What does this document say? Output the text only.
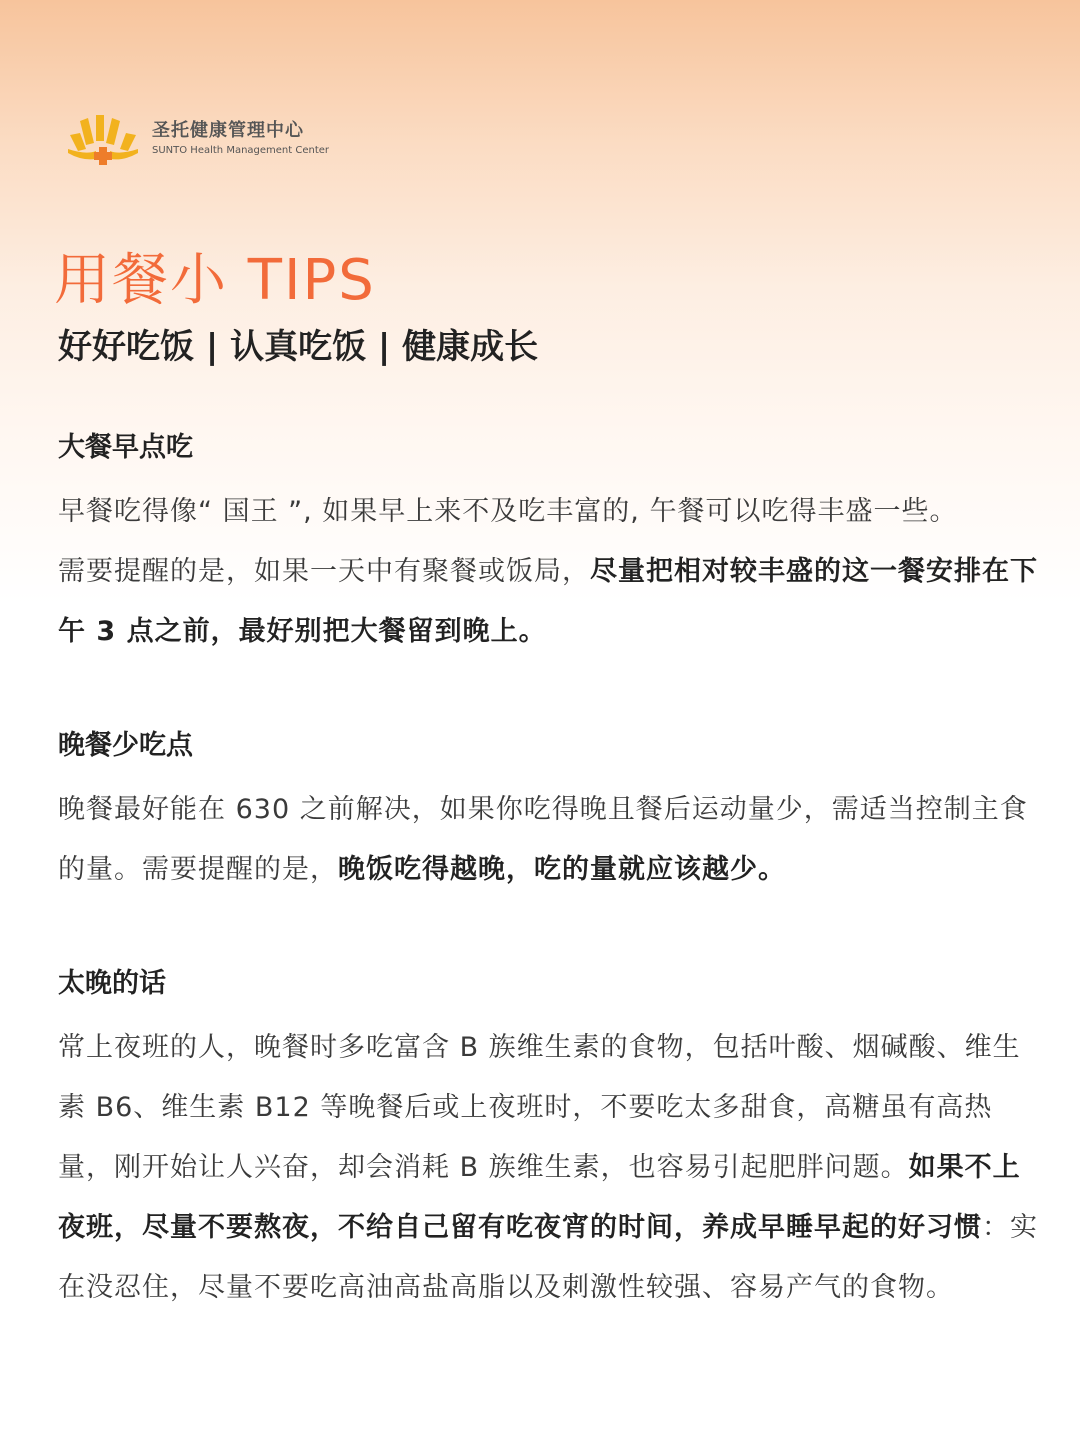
圣托健康管理中心
SUNTO Health Management Center
用餐小 TIPS
好好吃饭 | 认真吃饭 | 健康成长
大餐早点吃

早餐吃得像“ 国王 ”, 如果早上来不及吃丰富的, 午餐可以吃得丰盛一些。
需要提醒的是，如果一天中有聚餐或饭局，尽量把相对较丰盛的这一餐安排在下午 3 点之前，最好别把大餐留到晚上。

晚餐少吃点

晚餐最好能在 630 之前解决，如果你吃得晚且餐后运动量少，需适当控制主食的量。需要提醒的是，晚饭吃得越晚，吃的量就应该越少。

太晚的话

常上夜班的人，晚餐时多吃富含 B 族维生素的食物，包括叶酸、烟碱酸、维生素 B6、维生素 B12 等晚餐后或上夜班时，不要吃太多甜食，高糖虽有高热量，刚开始让人兴奋，却会消耗 B 族维生素，也容易引起肥胖问题。如果不上夜班，尽量不要熬夜，不给自己留有吃夜宵的时间，养成早睡早起的好习惯：实在没忍住，尽量不要吃高油高盐高脂以及刺激性较强、容易产气的食物。
